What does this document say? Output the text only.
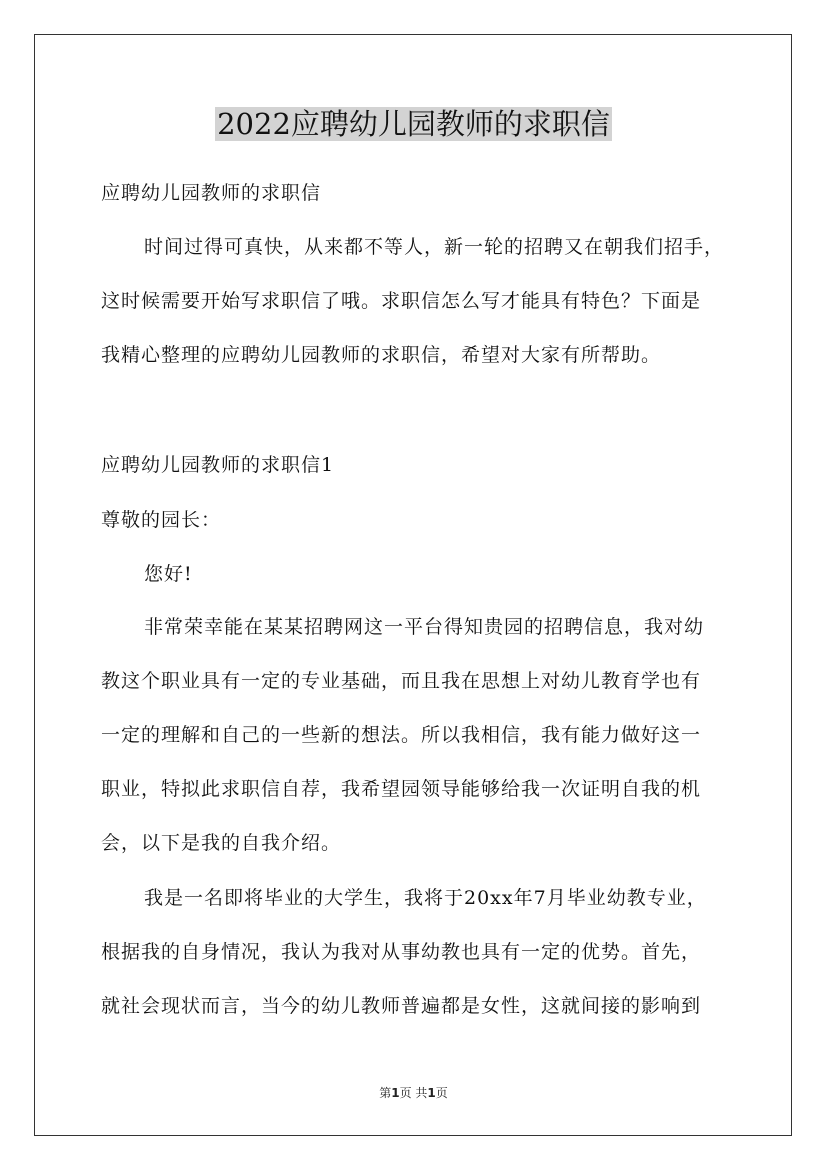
2022应聘幼儿园教师的求职信
应聘幼儿园教师的求职信
时间过得可真快，从来都不等人，新一轮的招聘又在朝我们招手，
这时候需要开始写求职信了哦。求职信怎么写才能具有特色？下面是
我精心整理的应聘幼儿园教师的求职信，希望对大家有所帮助。
应聘幼儿园教师的求职信1
尊敬的园长：
您好!
非常荣幸能在某某招聘网这一平台得知贵园的招聘信息，我对幼
教这个职业具有一定的专业基础，而且我在思想上对幼儿教育学也有
一定的理解和自己的一些新的想法。所以我相信，我有能力做好这一
职业，特拟此求职信自荐，我希望园领导能够给我一次证明自我的机
会，以下是我的自我介绍。
我是一名即将毕业的大学生，我将于20xx年7月毕业幼教专业，
根据我的自身情况，我认为我对从事幼教也具有一定的优势。首先，
就社会现状而言，当今的幼儿教师普遍都是女性，这就间接的影响到
第1页 共1页
